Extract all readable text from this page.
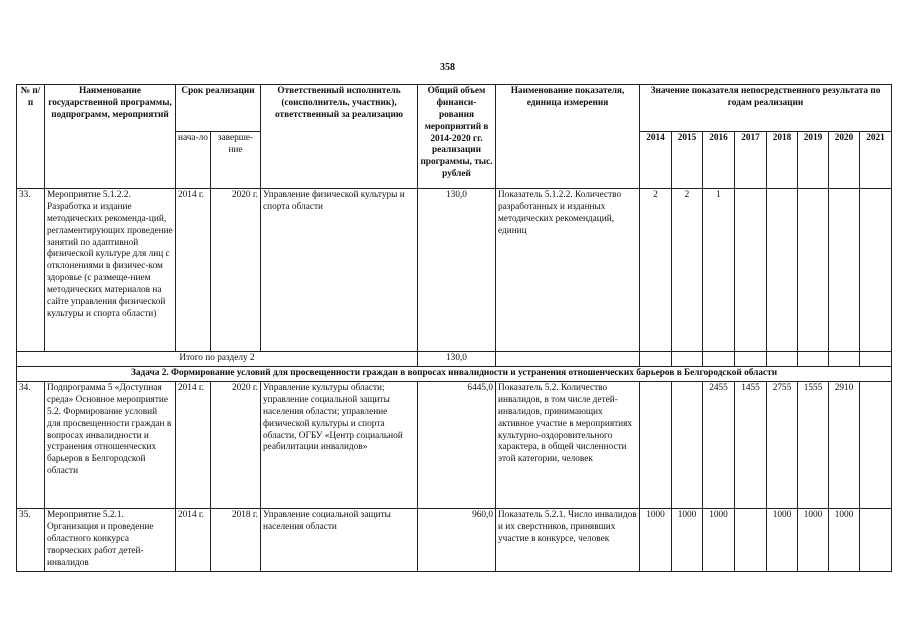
358
№ п/п	Наименование государственной программы, подпрограмм, мероприятий	Срок реализации		Ответственный исполнитель (соисполнитель, участник), ответственный за реализацию	Общий объем финанси-рования мероприятий в 2014-2020 гг. реализации программы, тыс. рублей	Наименование показателя, единица измерения	Значение показателя непосредственного результата по годам реализации							
		нача-ло	заверше-ние				2014	2015	2016	2017	2018	2019	2020	2021
33.	Мероприятие 5.1.2.2. Разработка и издание методических рекоменда-ций, регламентирующих проведение занятий по адаптивной физической культуре для лиц с отклонениями в физичес-ком здоровье (с размеще-нием методических материалов на сайте управления физической культуры и спорта области)	2014 г.	2020 г.	Управление физической культуры и спорта области	130,0	Показатель 5.1.2.2. Количество разработанных и изданных методических рекомендаций, единиц	2	2	1					
Итого по разделу 2					130,0									
Задача 2. Формирование условий для просвещенности граждан в вопросах инвалидности и устранения отношенческих барьеров в Белгородской области														
34.	Подпрограмма 5 «Доступная среда» Основное мероприятие 5.2. Формирование условий для просвещенности граждан в вопросах инвалидности и устранения отношенческих барьеров в Белгородской области	2014 г.	2020 г.	Управление культуры области; управление социальной защиты населения области; управление физической культуры и спорта области, ОГБУ «Центр социальной реабилитации инвалидов»	6445,0	Показатель 5.2. Количество инвалидов, в том числе детей-инвалидов, принимающих активное участие в мероприятиях культурно-оздоровительного характера, в общей численности этой категории, человек			2455	1455	2755	1555	2910	
35.	Мероприятие 5.2.1. Организация и проведение областного конкурса творческих работ детей-инвалидов	2014 г.	2018 г.	Управление социальной защиты населения области	960,0	Показатель 5.2.1. Число инвалидов и их сверстников, принявших участие в конкурсе, человек	1000	1000	1000		1000	1000	1000	
